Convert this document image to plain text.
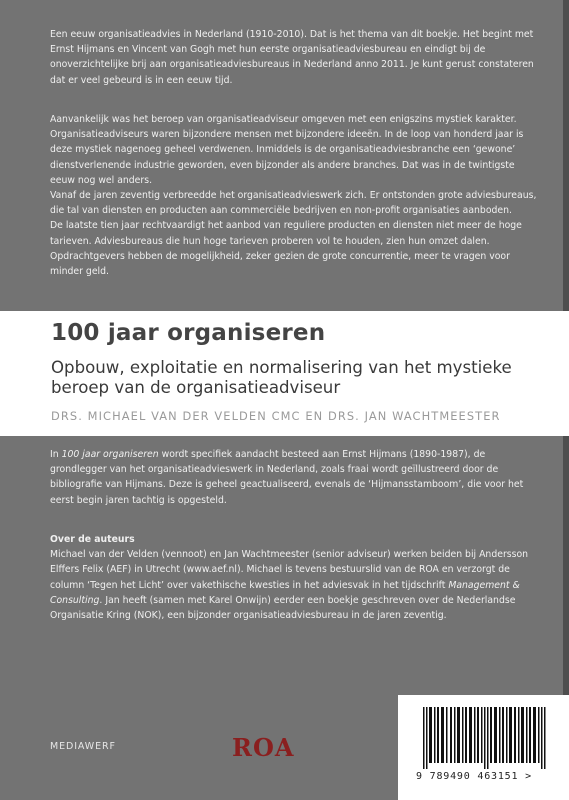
Een eeuw organisatieadvies in Nederland (1910-2010). Dat is het thema van dit boekje. Het begint met Ernst Hijmans en Vincent van Gogh met hun eerste organisatieadviesbureau en eindigt bij de onoverzichtelijke brij aan organisatieadviesbureaus in Nederland anno 2011. Je kunt gerust constateren dat er veel gebeurd is in een eeuw tijd.

Aanvankelijk was het beroep van organisatieadviseur omgeven met een enigszins mystiek karakter. Organisatieadviseurs waren bijzondere mensen met bijzondere ideeën. In de loop van honderd jaar is deze mystiek nagenoeg geheel verdwenen. Inmiddels is de organisatieadviesbranche een ‘gewone’ dienstverlenende industrie geworden, even bijzonder als andere branches. Dat was in de twintigste eeuw nog wel anders.

Vanaf de jaren zeventig verbreedde het organisatieadvieswerk zich. Er ontstonden grote adviesbureaus, die tal van diensten en producten aan commerciële bedrijven en non-profit organisaties aanboden.

De laatste tien jaar rechtvaardigt het aanbod van reguliere producten en diensten niet meer de hoge tarieven. Adviesbureaus die hun hoge tarieven proberen vol te houden, zien hun omzet dalen. Opdrachtgevers hebben de mogelijkheid, zeker gezien de grote concurrentie, meer te vragen voor minder geld.

100 jaar organiseren
Opbouw, exploitatie en normalisering van het mystieke beroep van de organisatieadviseur
DRS. MICHAEL VAN DER VELDEN CMC EN DRS. JAN WACHTMEESTER

In 100 jaar organiseren wordt specifiek aandacht besteed aan Ernst Hijmans (1890-1987), de grondlegger van het organisatieadvieswerk in Nederland, zoals fraai wordt geïllustreerd door de bibliografie van Hijmans. Deze is geheel geactualiseerd, evenals de ‘Hijmansstamboom’, die voor het eerst begin jaren tachtig is opgesteld.

Over de auteurs

Michael van der Velden (vennoot) en Jan Wachtmeester (senior adviseur) werken beiden bij Andersson Elffers Felix (AEF) in Utrecht (www.aef.nl). Michael is tevens bestuurslid van de ROA en verzorgt de column ‘Tegen het Licht’ over vakethische kwesties in het adviesvak in het tijdschrift Management & Consulting. Jan heeft (samen met Karel Onwijn) eerder een boekje geschreven over de Nederlandse Organisatie Kring (NOK), een bijzonder organisatieadviesbureau in de jaren zeventig.

MEDIAWERF	ROA
9 789490 463151 >
